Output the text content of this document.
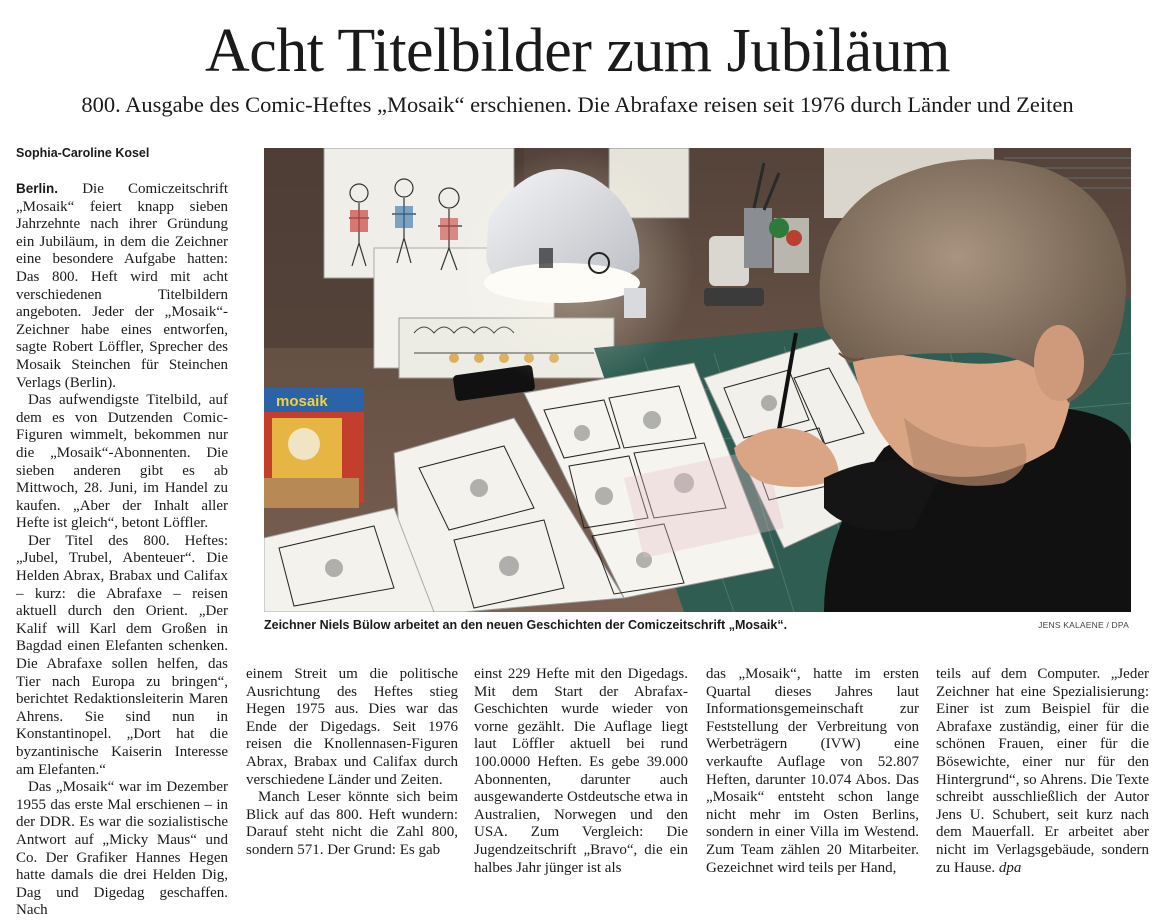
Acht Titelbilder zum Jubiläum
800. Ausgabe des Comic-Heftes „Mosaik“ erschienen. Die Abrafaxe reisen seit 1976 durch Länder und Zeiten
Sophia-Caroline Kosel

Berlin. Die Comiczeitschrift „Mosaik“ feiert knapp sieben Jahrzehnte nach ihrer Gründung ein Jubiläum, in dem die Zeichner eine besondere Aufgabe hatten: Das 800. Heft wird mit acht verschiedenen Titelbildern angeboten. Jeder der „Mosaik“-Zeichner habe eines entworfen, sagte Robert Löffler, Sprecher des Mosaik Steinchen für Steinchen Verlags (Berlin).

Das aufwendigste Titelbild, auf dem es von Dutzenden Comic-Figuren wimmelt, bekommen nur die „Mosaik“-Abonnenten. Die sieben anderen gibt es ab Mittwoch, 28. Juni, im Handel zu kaufen. „Aber der Inhalt aller Hefte ist gleich“, betont Löffler.

Der Titel des 800. Heftes: „Jubel, Trubel, Abenteuer“. Die Helden Abrax, Brabax und Califax – kurz: die Abrafaxe – reisen aktuell durch den Orient. „Der Kalif will Karl dem Großen in Bagdad einen Elefanten schenken. Die Abrafaxe sollen helfen, das Tier nach Europa zu bringen“, berichtet Redaktionsleiterin Maren Ahrens. Sie sind nun in Konstantinopel. „Dort hat die byzantinische Kaiserin Interesse am Elefanten.“

Das „Mosaik“ war im Dezember 1955 das erste Mal erschienen – in der DDR. Es war die sozialistische Antwort auf „Micky Maus“ und Co. Der Grafiker Hannes Hegen hatte damals die drei Helden Dig, Dag und Digedag geschaffen. Nach

einem Streit um die politische Ausrichtung des Heftes stieg Hegen 1975 aus. Dies war das Ende der Digedags. Seit 1976 reisen die Knollennasen-Figuren Abrax, Brabax und Califax durch verschiedene Länder und Zeiten.

Manch Leser könnte sich beim Blick auf das 800. Heft wundern: Darauf steht nicht die Zahl 800, sondern 571. Der Grund: Es gab

einst 229 Hefte mit den Digedags. Mit dem Start der Abrafax-Geschichten wurde wieder von vorne gezählt. Die Auflage liegt laut Löffler aktuell bei rund 100.0000 Heften. Es gebe 39.000 Abonnenten, darunter auch ausgewanderte Ostdeutsche etwa in Australien, Norwegen und den USA. Zum Vergleich: Die Jugendzeitschrift „Bravo“, die ein halbes Jahr jünger ist als

das „Mosaik“, hatte im ersten Quartal dieses Jahres laut Informationsgemeinschaft zur Feststellung der Verbreitung von Werbeträgern (IVW) eine verkaufte Auflage von 52.807 Heften, darunter 10.074 Abos. Das „Mosaik“ entsteht schon lange nicht mehr im Osten Berlins, sondern in einer Villa im Westend. Zum Team zählen 20 Mitarbeiter. Gezeichnet wird teils per Hand,

teils auf dem Computer. „Jeder Zeichner hat eine Spezialisierung: Einer ist zum Beispiel für die Abrafaxe zuständig, einer für die schönen Frauen, einer für die Bösewichte, einer nur für den Hintergrund“, so Ahrens. Die Texte schreibt ausschließlich der Autor Jens U. Schubert, seit kurz nach dem Mauerfall. Er arbeitet aber nicht im Verlagsgebäude, sondern zu Hause. dpa

mosaik
Zeichner Niels Bülow arbeitet an den neuen Geschichten der Comiczeitschrift „Mosaik“.	JENS KALAENE / DPA
